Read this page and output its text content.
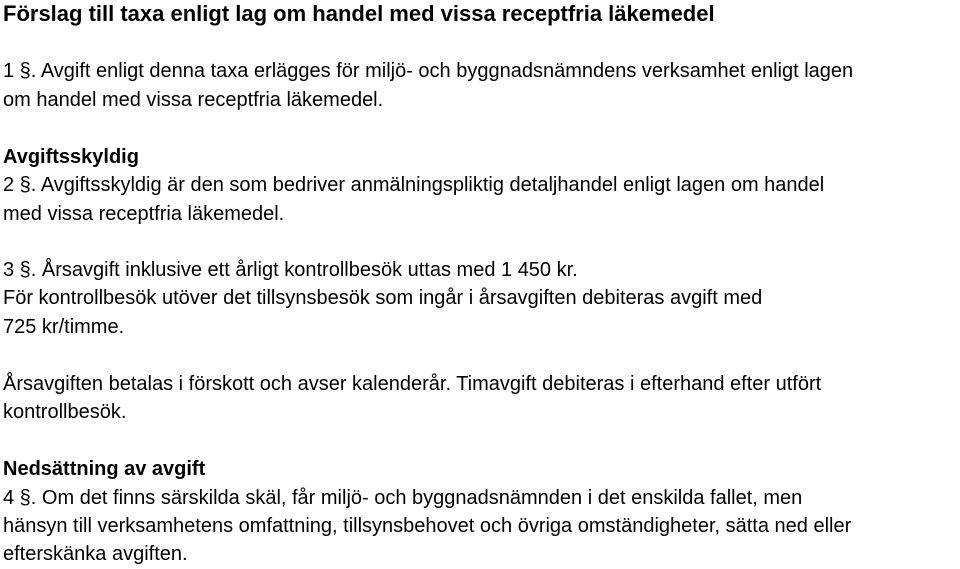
Förslag till taxa enligt lag om handel med vissa receptfria läkemedel
1 §. Avgift enligt denna taxa erlägges för miljö- och byggnadsnämndens verksamhet enligt lagen
om handel med vissa receptfria läkemedel.
Avgiftsskyldig
2 §. Avgiftsskyldig är den som bedriver anmälningspliktig detaljhandel enligt lagen om handel
med vissa receptfria läkemedel.
3 §. Årsavgift inklusive ett årligt kontrollbesök uttas med 1 450 kr.
För kontrollbesök utöver det tillsynsbesök som ingår i årsavgiften debiteras avgift med
725 kr/timme.
Årsavgiften betalas i förskott och avser kalenderår. Timavgift debiteras i efterhand efter utfört
kontrollbesök.
Nedsättning av avgift
4 §. Om det finns särskilda skäl, får miljö- och byggnadsnämnden i det enskilda fallet, men
hänsyn till verksamhetens omfattning, tillsynsbehovet och övriga omständigheter, sätta ned eller
efterskänka avgiften.
